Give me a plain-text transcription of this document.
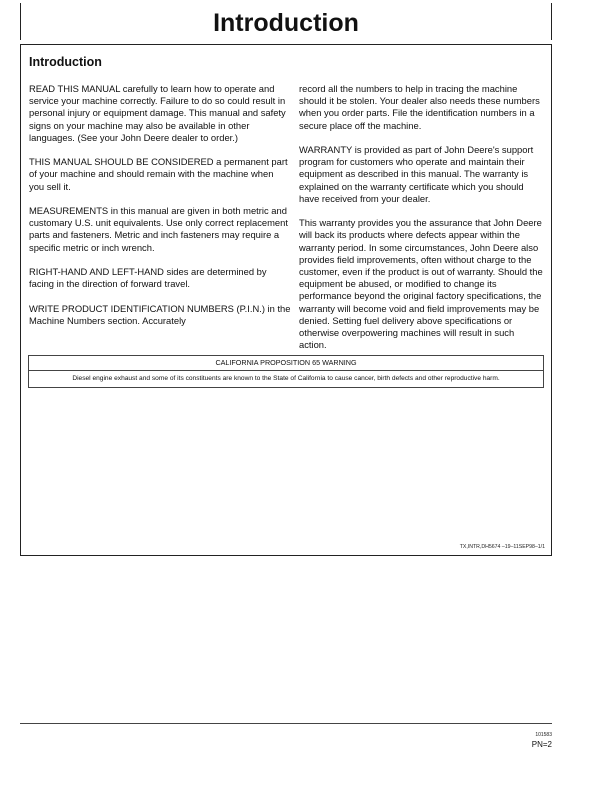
Introduction
Introduction

READ THIS MANUAL carefully to learn how to operate and service your machine correctly. Failure to do so could result in personal injury or equipment damage. This manual and safety signs on your machine may also be available in other languages. (See your John Deere dealer to order.)

THIS MANUAL SHOULD BE CONSIDERED a permanent part of your machine and should remain with the machine when you sell it.

MEASUREMENTS in this manual are given in both metric and customary U.S. unit equivalents. Use only correct replacement parts and fasteners. Metric and inch fasteners may require a specific metric or inch wrench.

RIGHT-HAND AND LEFT-HAND sides are determined by facing in the direction of forward travel.

WRITE PRODUCT IDENTIFICATION NUMBERS (P.I.N.) in the Machine Numbers section. Accurately

record all the numbers to help in tracing the machine should it be stolen. Your dealer also needs these numbers when you order parts. File the identification numbers in a secure place off the machine.

WARRANTY is provided as part of John Deere's support program for customers who operate and maintain their equipment as described in this manual. The warranty is explained on the warranty certificate which you should have received from your dealer.

This warranty provides you the assurance that John Deere will back its products where defects appear within the warranty period. In some circumstances, John Deere also provides field improvements, often without charge to the customer, even if the product is out of warranty. Should the equipment be abused, or modified to change its performance beyond the original factory specifications, the warranty will become void and field improvements may be denied. Setting fuel delivery above specifications or otherwise overpowering machines will result in such action.

CALIFORNIA PROPOSITION 65 WARNING
Diesel engine exhaust and some of its constituents are known to the State of California to cause cancer, birth defects and other reproductive harm.
TX,INTR,DH5674 –19–11SEP98–1/1
101583
PN=2
